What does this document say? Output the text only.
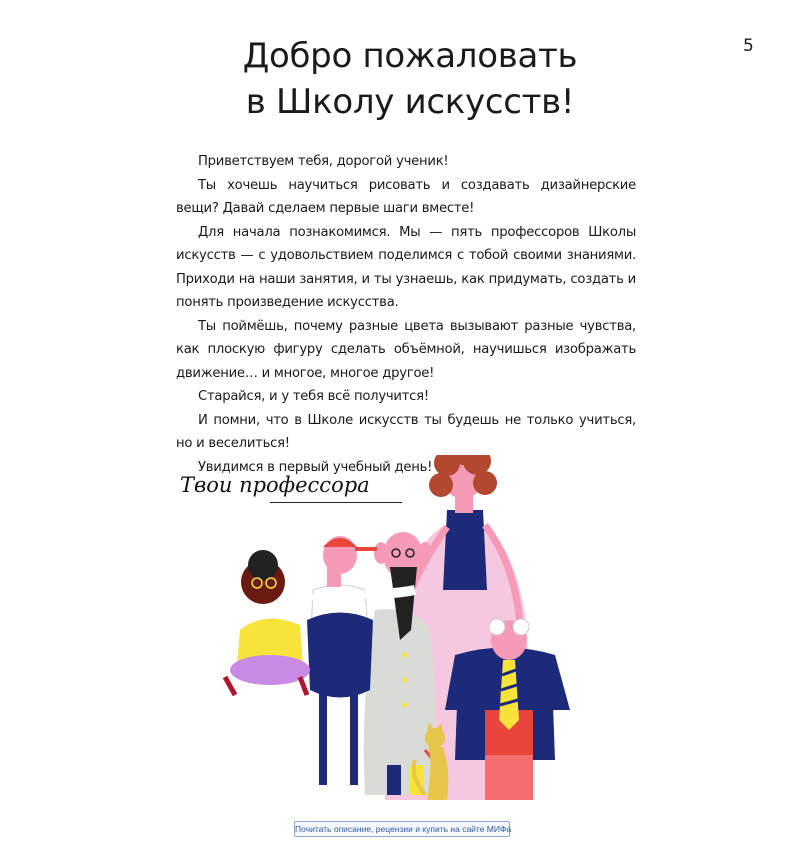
5
Добро пожаловать
в Школу искусств!

Приветствуем тебя, дорогой ученик!

Ты хочешь научиться рисовать и создавать дизайнерские вещи? Давай сделаем первые шаги вместе!

Для начала познакомимся. Мы — пять профессоров Школы искусств — с удовольствием поделимся с тобой своими знаниями. Приходи на наши занятия, и ты узнаешь, как придумать, создать и понять произведение искусства.

Ты поймёшь, почему разные цвета вызывают разные чувства, как плоскую фигуру сделать объёмной, научишься изображать движение… и многое, многое другое!

Старайся, и у тебя всё получится!

И помни, что в Школе искусств ты будешь не только учиться, но и веселиться!

Увидимся в первый учебный день!

Твои профессора
Почитать описание, рецензии и купить на сайте МИФа
